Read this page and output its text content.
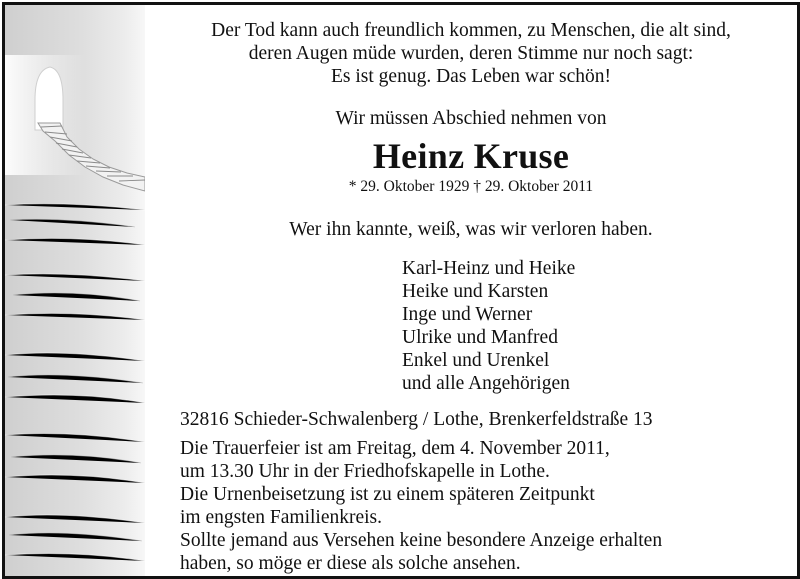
Der Tod kann auch freundlich kommen, zu Menschen, die alt sind,
deren Augen müde wurden, deren Stimme nur noch sagt:
Es ist genug. Das Leben war schön!
Wir müssen Abschied nehmen von
Heinz Kruse
* 29. Oktober 1929 † 29. Oktober 2011
Wer ihn kannte, weiß, was wir verloren haben.
Karl-Heinz und Heike
Heike und Karsten
Inge und Werner
Ulrike und Manfred
Enkel und Urenkel
und alle Angehörigen
32816 Schieder-Schwalenberg / Lothe, Brenkerfeldstraße 13
Die Trauerfeier ist am Freitag, dem 4. November 2011,
um 13.30 Uhr in der Friedhofskapelle in Lothe.
Die Urnenbeisetzung ist zu einem späteren Zeitpunkt
im engsten Familienkreis.
Sollte jemand aus Versehen keine besondere Anzeige erhalten
haben, so möge er diese als solche ansehen.
